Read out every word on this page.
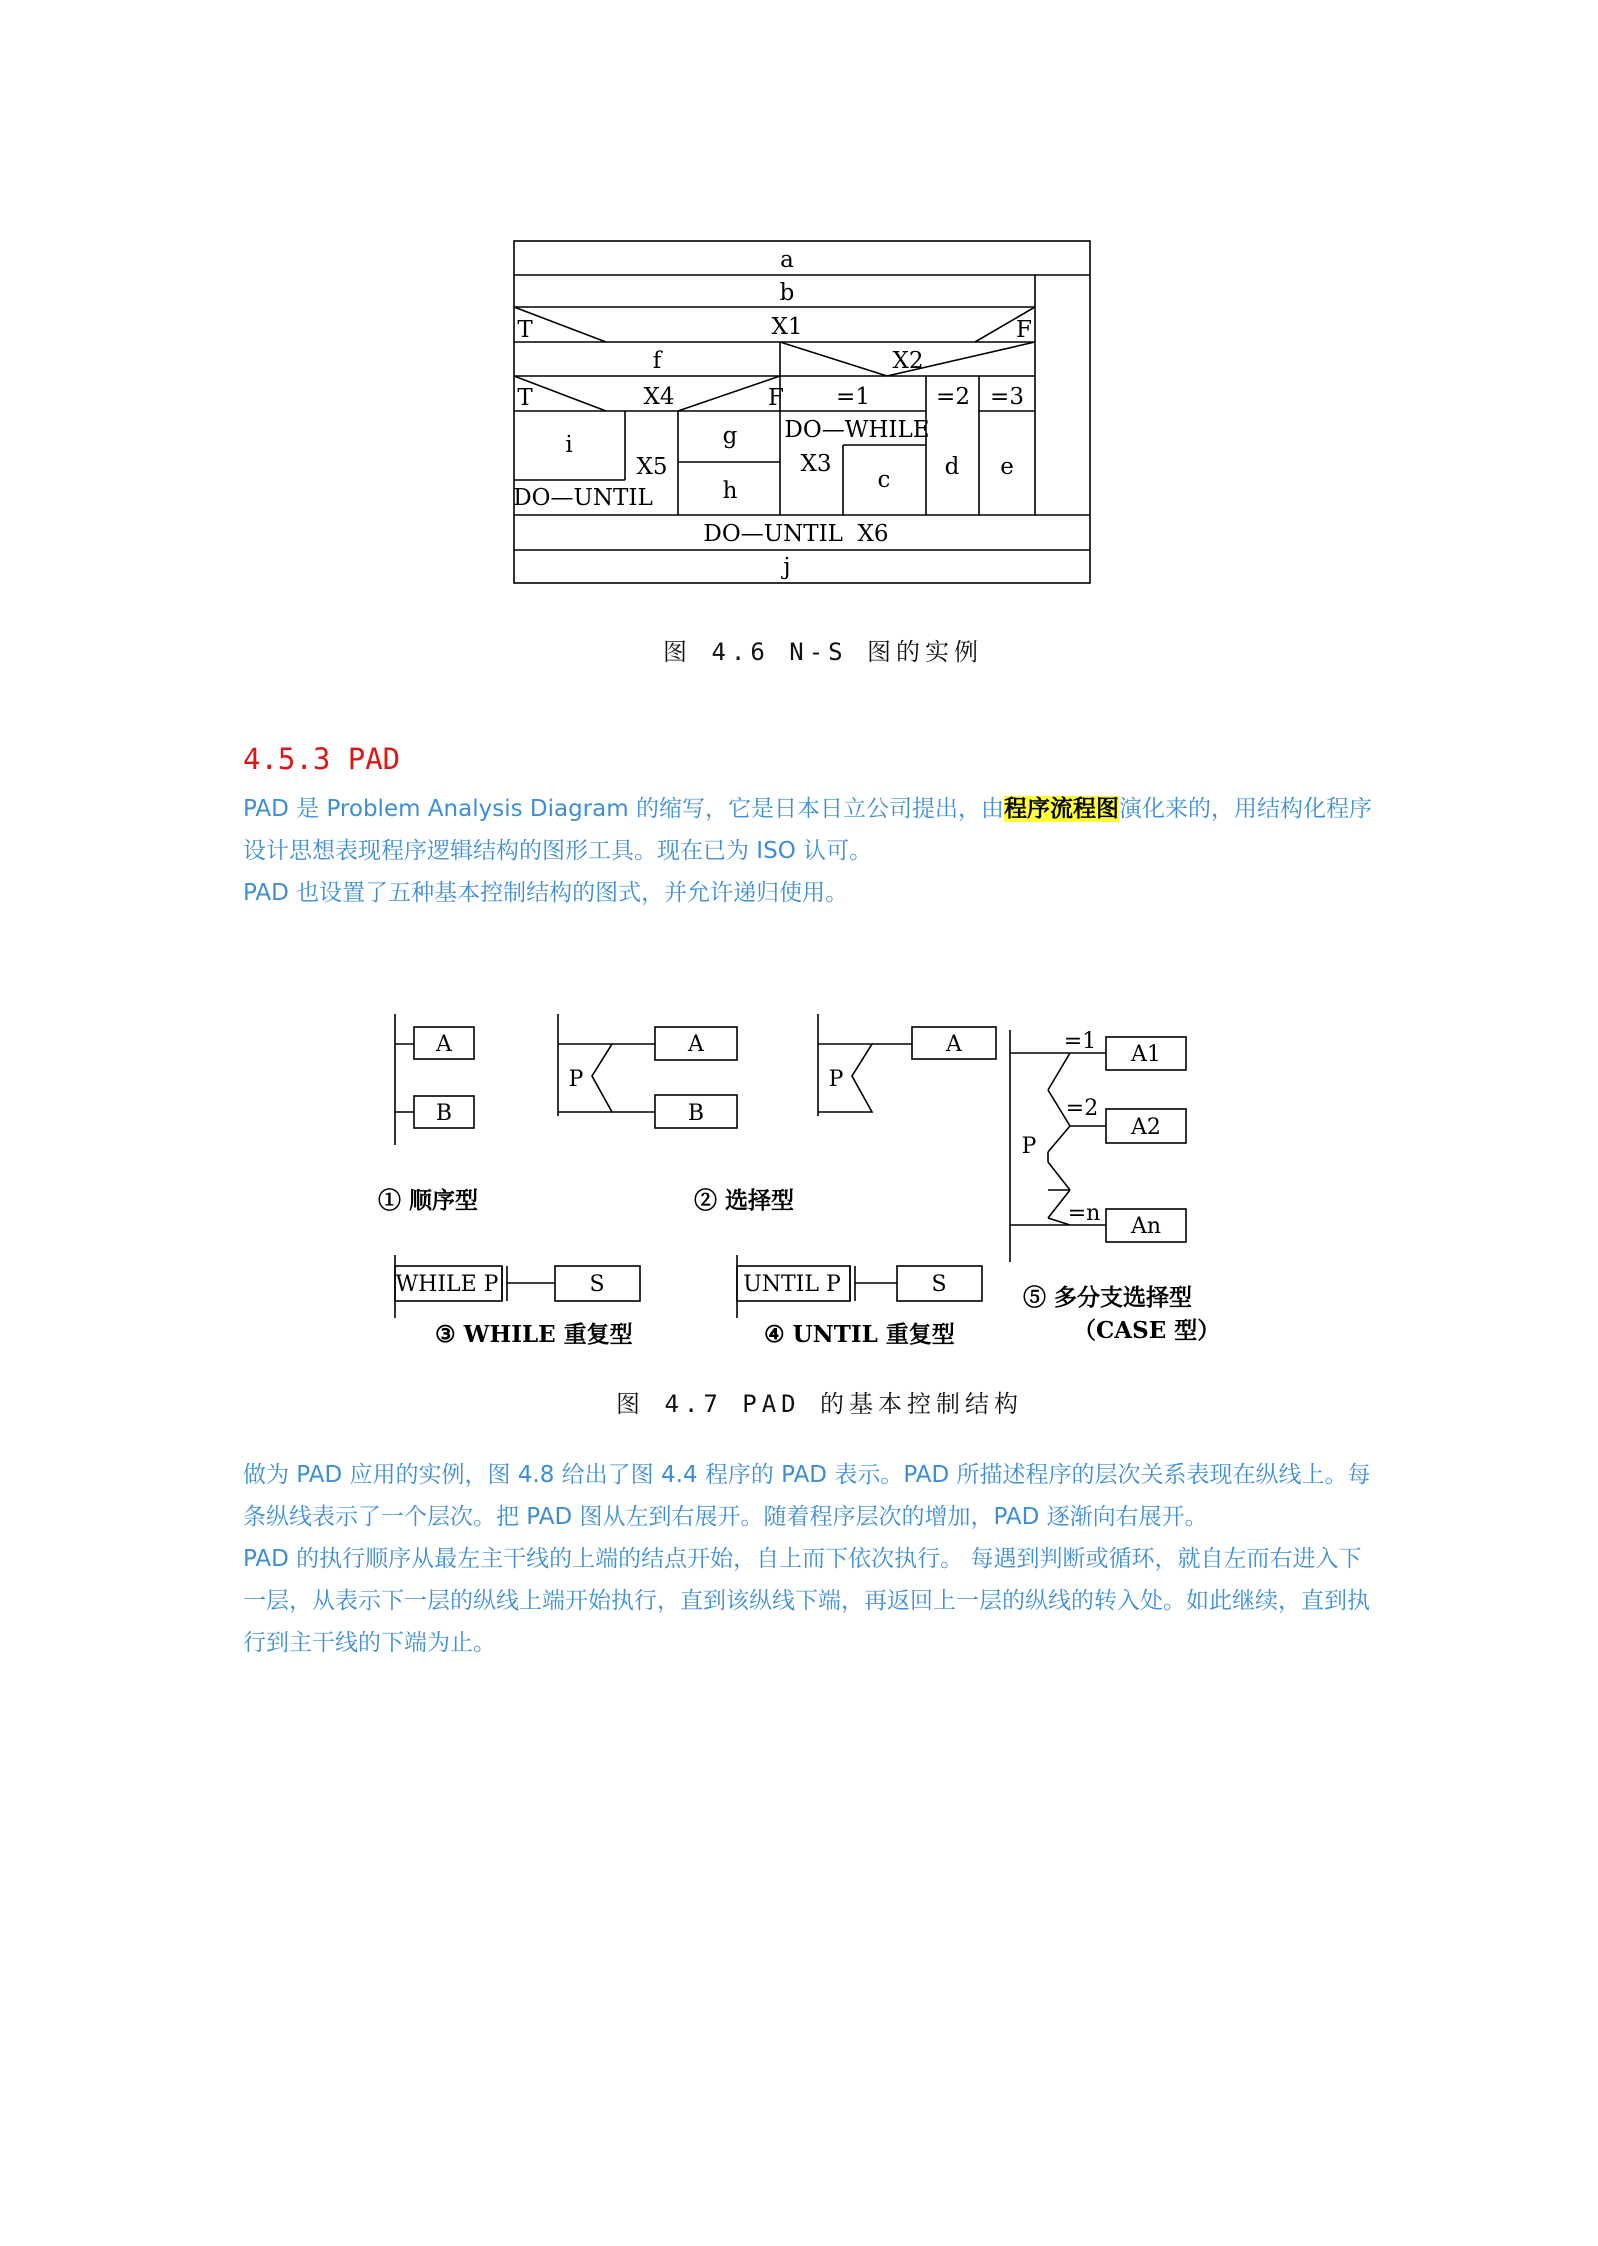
a
b
X1
T	F
f	X2
T	X4	F =1	=2 =3
i
X5
g
h
DO—WHILE
X3
c d e
DO—UNTIL
DO—UNTIL  X6
j
图 4.6 N-S 图的实例
4.5.3 PAD

PAD 是 Problem Analysis Diagram 的缩写，它是日本日立公司提出，由程序流程图演化来的，用结构化程序设计思想表现程序逻辑结构的图形工具。现在已为 ISO 认可。

PAD 也设置了五种基本控制结构的图式，并允许递归使用。

A
B
P
A
B
P
A	=1
A1
=2
A2
P
=n
An
WHILE P	S	UNTIL P	S
① 顺序型	② 选择型
③ WHILE 重复型	④ UNTIL 重复型
⑤ 多分支选择型
（CASE 型）
图 4.7 PAD 的基本控制结构

做为 PAD 应用的实例，图 4.8 给出了图 4.4 程序的 PAD 表示。PAD 所描述程序的层次关系表现在纵线上。每条纵线表示了一个层次。把 PAD 图从左到右展开。随着程序层次的增加，PAD 逐渐向右展开。

PAD 的执行顺序从最左主干线的上端的结点开始，自上而下依次执行。 每遇到判断或循环，就自左而右进入下一层，从表示下一层的纵线上端开始执行，直到该纵线下端，再返回上一层的纵线的转入处。如此继续，直到执行到主干线的下端为止。
